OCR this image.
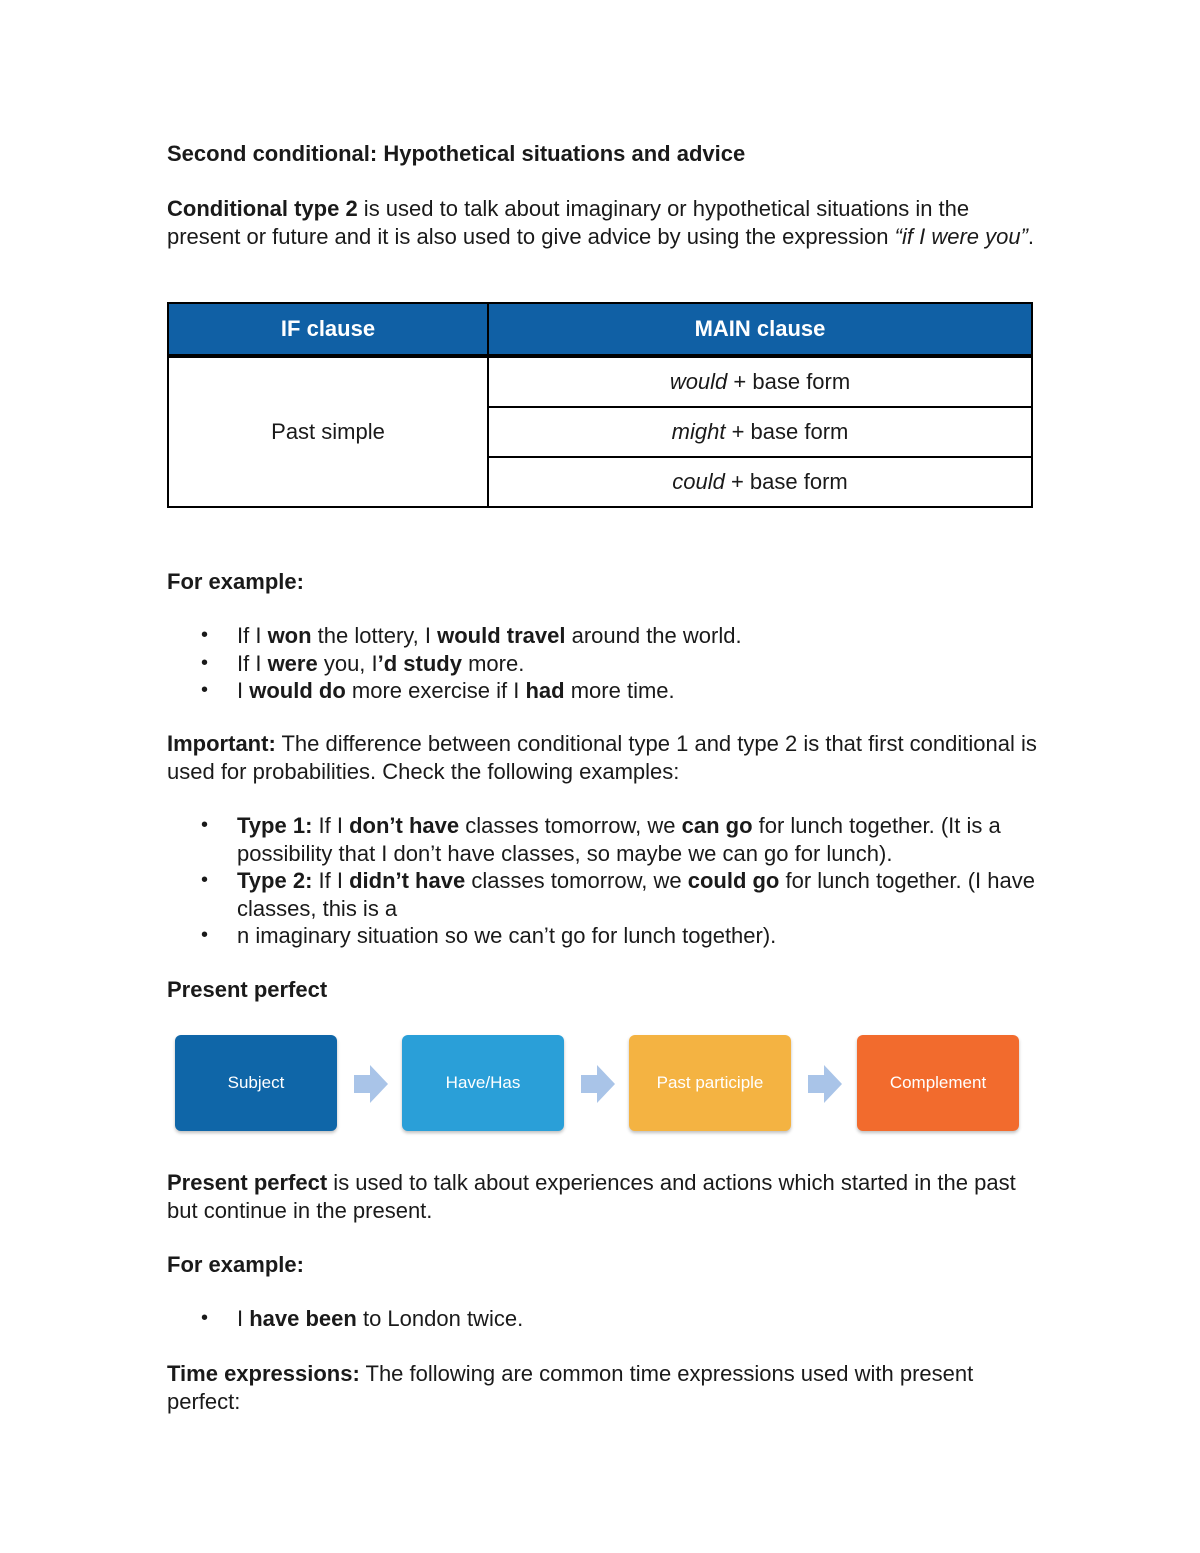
Second conditional: Hypothetical situations and advice

Conditional type 2 is used to talk about imaginary or hypothetical situations in the present or future and it is also used to give advice by using the expression “if I were you”.

IF clause	MAIN clause
Past simple	would + base form
	might + base form
	could + base form

For example:

• If I won the lottery, I would travel around the world.
• If I were you, I’d study more.
• I would do more exercise if I had more time.

Important: The difference between conditional type 1 and type 2 is that first conditional is used for probabilities. Check the following examples:

• Type 1: If I don’t have classes tomorrow, we can go for lunch together. (It is a possibility that I don’t have classes, so maybe we can go for lunch).
• Type 2: If I didn’t have classes tomorrow, we could go for lunch together. (I have classes, this is a
• n imaginary situation so we can’t go for lunch together).

Present perfect

Subject	Have/Has	Past participle	Complement

Present perfect is used to talk about experiences and actions which started in the past but continue in the present.

For example:

• I have been to London twice.

Time expressions: The following are common time expressions used with present perfect:
